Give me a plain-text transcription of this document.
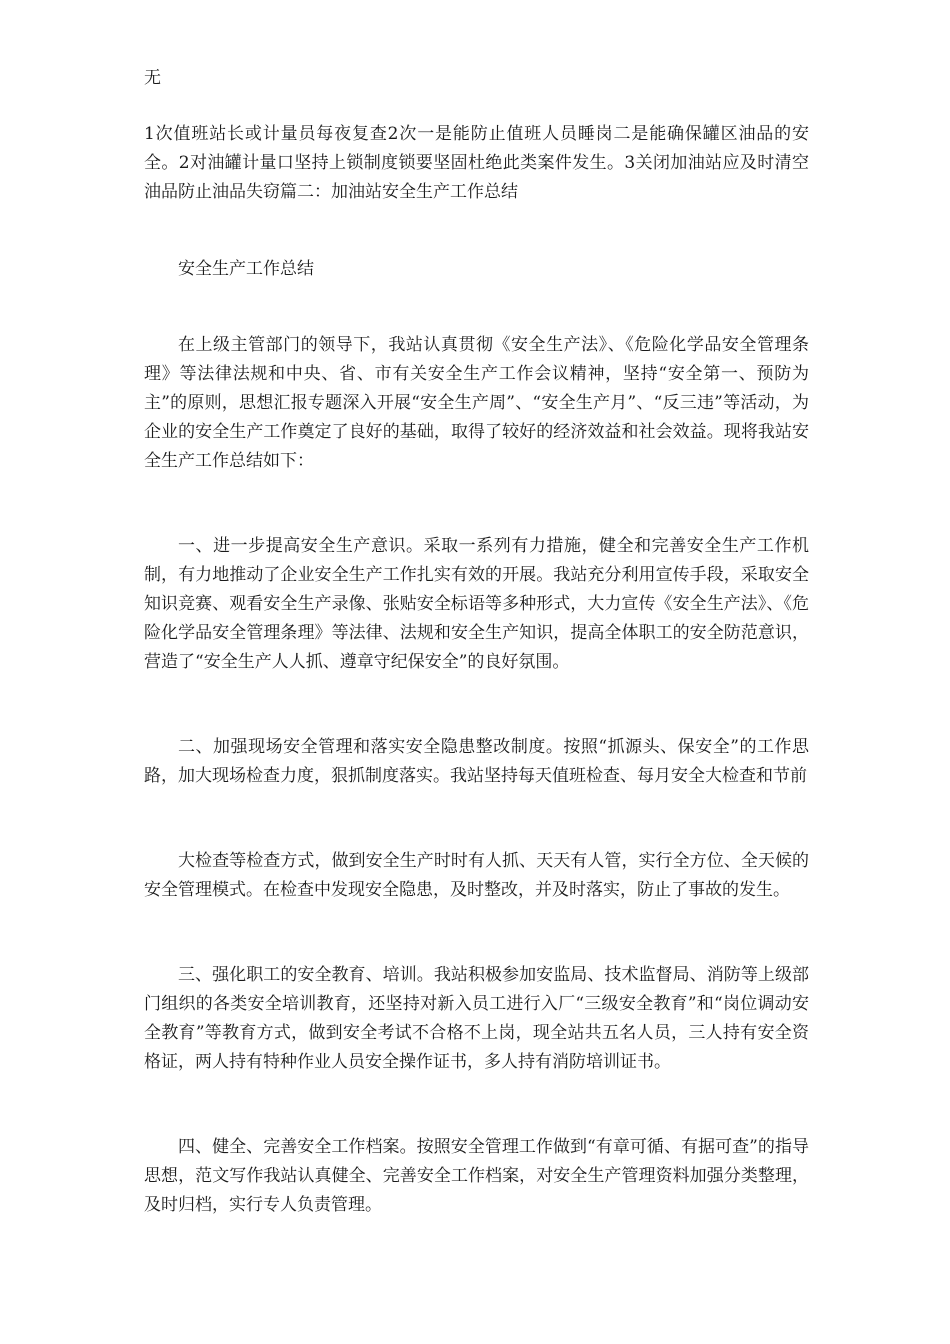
无

1次值班站长或计量员每夜复查2次一是能防止值班人员睡岗二是能确保罐区油品的安全。2对油罐计量口坚持上锁制度锁要坚固杜绝此类案件发生。3关闭加油站应及时清空油品防止油品失窃篇二：加油站安全生产工作总结

安全生产工作总结

在上级主管部门的领导下，我站认真贯彻《安全生产法》、《危险化学品安全管理条理》等法律法规和中央、省、市有关安全生产工作会议精神，坚持“安全第一、预防为主”的原则，思想汇报专题深入开展“安全生产周”、“安全生产月”、“反三违”等活动，为企业的安全生产工作奠定了良好的基础，取得了较好的经济效益和社会效益。现将我站安全生产工作总结如下：

一、进一步提高安全生产意识。采取一系列有力措施，健全和完善安全生产工作机制，有力地推动了企业安全生产工作扎实有效的开展。我站充分利用宣传手段，采取安全知识竞赛、观看安全生产录像、张贴安全标语等多种形式，大力宣传《安全生产法》、《危险化学品安全管理条理》等法律、法规和安全生产知识，提高全体职工的安全防范意识，营造了“安全生产人人抓、遵章守纪保安全”的良好氛围。

二、加强现场安全管理和落实安全隐患整改制度。按照“抓源头、保安全”的工作思路，加大现场检查力度，狠抓制度落实。我站坚持每天值班检查、每月安全大检查和节前

大检查等检查方式，做到安全生产时时有人抓、天天有人管，实行全方位、全天候的安全管理模式。在检查中发现安全隐患，及时整改，并及时落实，防止了事故的发生。

三、强化职工的安全教育、培训。我站积极参加安监局、技术监督局、消防等上级部门组织的各类安全培训教育，还坚持对新入员工进行入厂“三级安全教育”和“岗位调动安全教育”等教育方式，做到安全考试不合格不上岗，现全站共五名人员，三人持有安全资格证，两人持有特种作业人员安全操作证书，多人持有消防培训证书。

四、健全、完善安全工作档案。按照安全管理工作做到“有章可循、有据可查”的指导思想，范文写作我站认真健全、完善安全工作档案，对安全生产管理资料加强分类整理，及时归档，实行专人负责管理。
